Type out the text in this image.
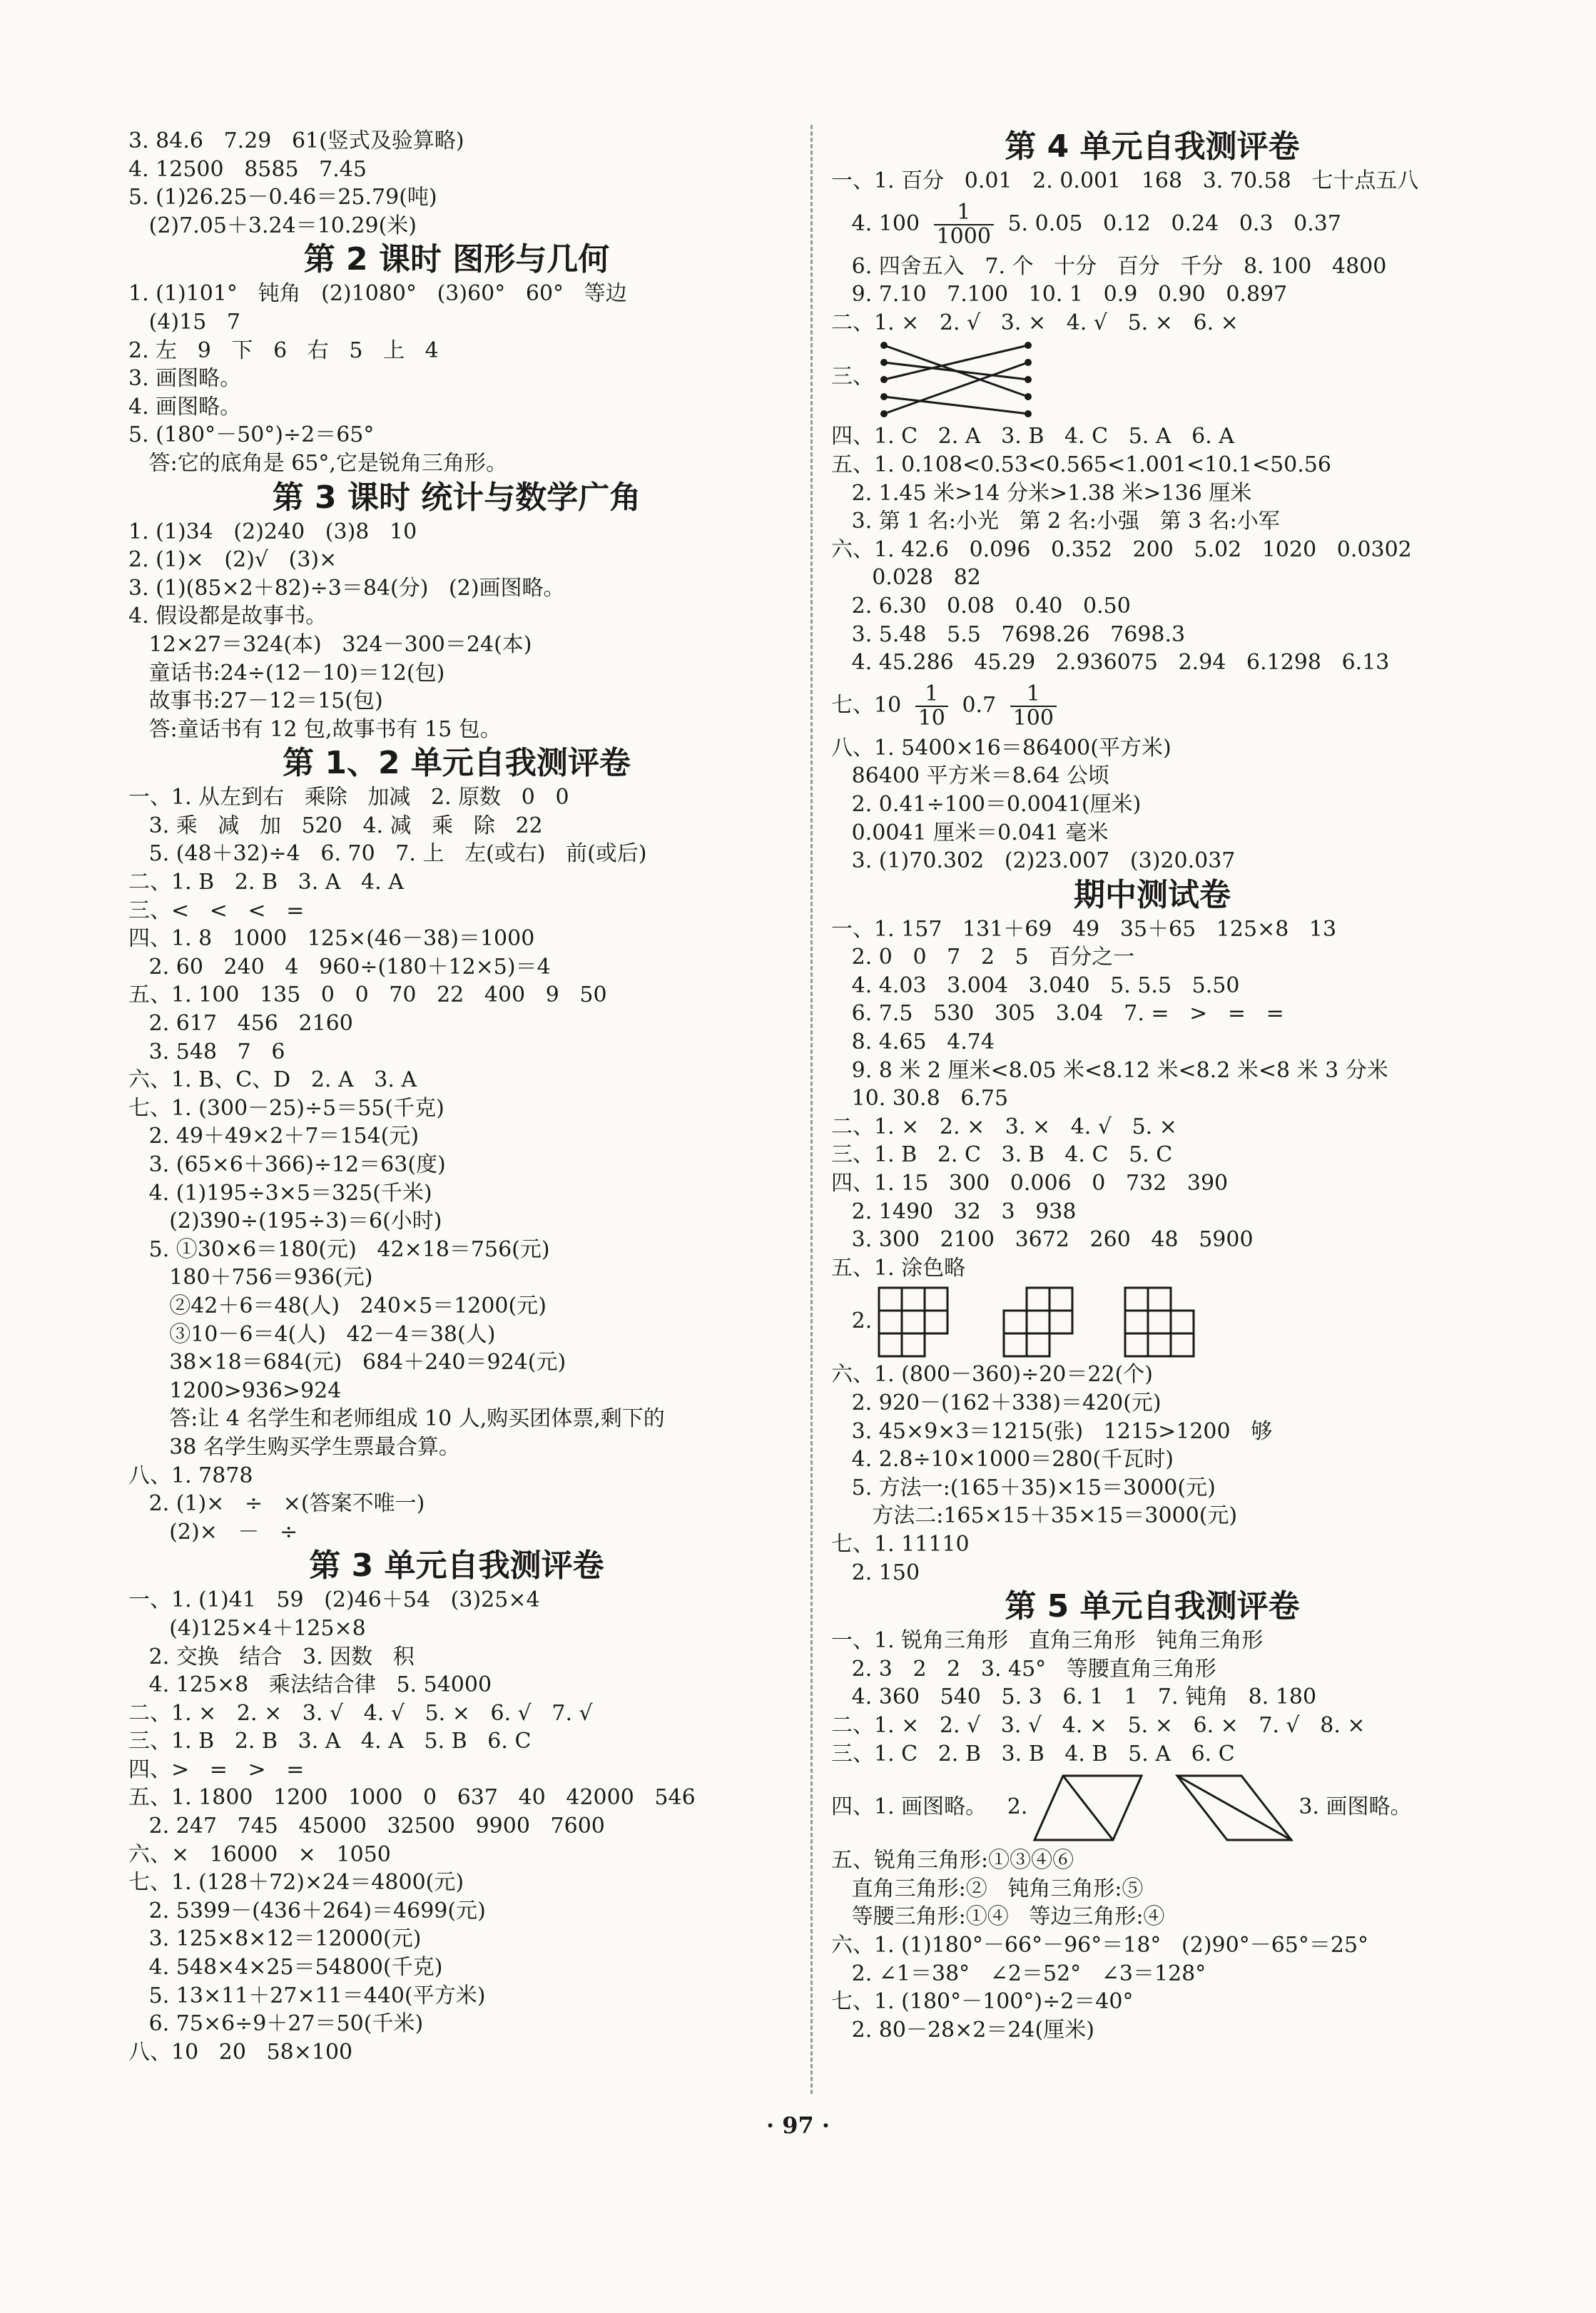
3. 84.6   7.29   61(竖式及验算略)
4. 12500   8585   7.45
5. (1)26.25－0.46＝25.79(吨)
(2)7.05＋3.24＝10.29(米)
第 2 课时 图形与几何
1. (1)101°   钝角   (2)1080°   (3)60°   60°   等边
(4)15   7
2. 左   9   下   6   右   5   上   4
3. 画图略。
4. 画图略。
5. (180°－50°)÷2＝65°
答:它的底角是 65°,它是锐角三角形。
第 3 课时 统计与数学广角
1. (1)34   (2)240   (3)8   10
2. (1)×   (2)√   (3)×
3. (1)(85×2＋82)÷3＝84(分)   (2)画图略。
4. 假设都是故事书。
12×27＝324(本)   324－300＝24(本)
童话书:24÷(12－10)＝12(包)
故事书:27－12＝15(包)
答:童话书有 12 包,故事书有 15 包。
第 1、2 单元自我测评卷
一、1. 从左到右   乘除   加减   2. 原数   0   0
3. 乘   减   加   520   4. 减   乘   除   22
5. (48＋32)÷4   6. 70   7. 上   左(或右)   前(或后)
二、1. B   2. B   3. A   4. A
三、<   <   <   =
四、1. 8   1000   125×(46－38)＝1000
2. 60   240   4   960÷(180＋12×5)＝4
五、1. 100   135   0   0   70   22   400   9   50
2. 617   456   2160
3. 548   7   6
六、1. B、C、D   2. A   3. A
七、1. (300－25)÷5＝55(千克)
2. 49＋49×2＋7＝154(元)
3. (65×6＋366)÷12＝63(度)
4. (1)195÷3×5＝325(千米)
(2)390÷(195÷3)＝6(小时)
5. ①30×6＝180(元)   42×18＝756(元)
180＋756＝936(元)
②42＋6＝48(人)   240×5＝1200(元)
③10－6＝4(人)   42－4＝38(人)
38×18＝684(元)   684＋240＝924(元)
1200>936>924
答:让 4 名学生和老师组成 10 人,购买团体票,剩下的
38 名学生购买学生票最合算。
八、1. 7878
2. (1)×   ÷   ×(答案不唯一)
(2)×   －   ÷
第 3 单元自我测评卷
一、1. (1)41   59   (2)46＋54   (3)25×4
(4)125×4＋125×8
2. 交换   结合   3. 因数   积
4. 125×8   乘法结合律   5. 54000
二、1. ×   2. ×   3. √   4. √   5. ×   6. √   7. √
三、1. B   2. B   3. A   4. A   5. B   6. C
四、>   =   >   =
五、1. 1800   1200   1000   0   637   40   42000   546
2. 247   745   45000   32500   9900   7600
六、×   16000   ×   1050
七、1. (128＋72)×24＝4800(元)
2. 5399－(436＋264)＝4699(元)
3. 125×8×12＝12000(元)
4. 548×4×25＝54800(千克)
5. 13×11＋27×11＝440(平方米)
6. 75×6÷9＋27＝50(千米)
八、10   20   58×100
第 4 单元自我测评卷
一、1. 百分   0.01   2. 0.001   168   3. 70.58   七十点五八
4. $100 \frac{1}{1000} 5$. 0.05   0.12   0.24   0.3   0.37
6. 四舍五入   7. 个   十分   百分   千分   8. 100   4800
9. 7.10   7.100   10. 1   0.9   0.90   0.897
二、1. ×   2. √   3. ×   4. √   5. ×   6. ×
三、
四、1. C   2. A   3. B   4. C   5. A   6. A
五、1. 0.108<0.53<0.565<1.001<10.1<50.56
2. 1.45 米>14 分米>1.38 米>136 厘米
3. 第 1 名:小光   第 2 名:小强   第 3 名:小军
六、1. 42.6   0.096   0.352   200   5.02   1020   0.0302
0.028   82
2. 6.30   0.08   0.40   0.50
3. 5.48   5.5   7698.26   7698.3
4. 45.286   45.29   2.936075   2.94   6.1298   6.13
七、$10 \frac{1}{10} 0.7 \frac{1}{100}$
八、1. 5400×16＝86400(平方米)
86400 平方米＝8.64 公顷
2. 0.41÷100＝0.0041(厘米)
0.0041 厘米＝0.041 毫米
3. (1)70.302   (2)23.007   (3)20.037
期中测试卷
一、1. 157   131＋69   49   35＋65   125×8   13
2. 0   0   7   2   5   百分之一
4. 4.03   3.004   3.040   5. 5.5   5.50
6. 7.5   530   305   3.04   7. =   >   =   =
8. 4.65   4.74
9. 8 米 2 厘米<8.05 米<8.12 米<8.2 米<8 米 3 分米
10. 30.8   6.75
二、1. ×   2. ×   3. ×   4. √   5. ×
三、1. B   2. C   3. B   4. C   5. C
四、1. 15   300   0.006   0   732   390
2. 1490   32   3   938
3. 300   2100   3672   260   48   5900
五、1. 涂色略
2.
六、1. (800－360)÷20＝22(个)
2. 920－(162＋338)＝420(元)
3. 45×9×3＝1215(张)   1215>1200   够
4. 2.8÷10×1000＝280(千瓦时)
5. 方法一:(165＋35)×15＝3000(元)
方法二:165×15＋35×15＝3000(元)
七、1. 11110
2. 150
第 5 单元自我测评卷
一、1. 锐角三角形   直角三角形   钝角三角形
2. 3   2   2   3. 45°   等腰直角三角形
4. 360   540   5. 3   6. 1   1   7. 钝角   8. 180
二、1. ×   2. √   3. √   4. ×   5. ×   6. ×   7. √   8. ×
三、1. C   2. B   3. B   4. B   5. A   6. C
四、1. 画图略。   2.	3. 画图略。
五、锐角三角形:①③④⑥
直角三角形:②   钝角三角形:⑤
等腰三角形:①④   等边三角形:④
六、1. (1)180°－66°－96°＝18°   (2)90°－65°＝25°
2. ∠1＝38°   ∠2＝52°   ∠3＝128°
七、1. (180°－100°)÷2＝40°
2. 80－28×2＝24(厘米)
· 97 ·
